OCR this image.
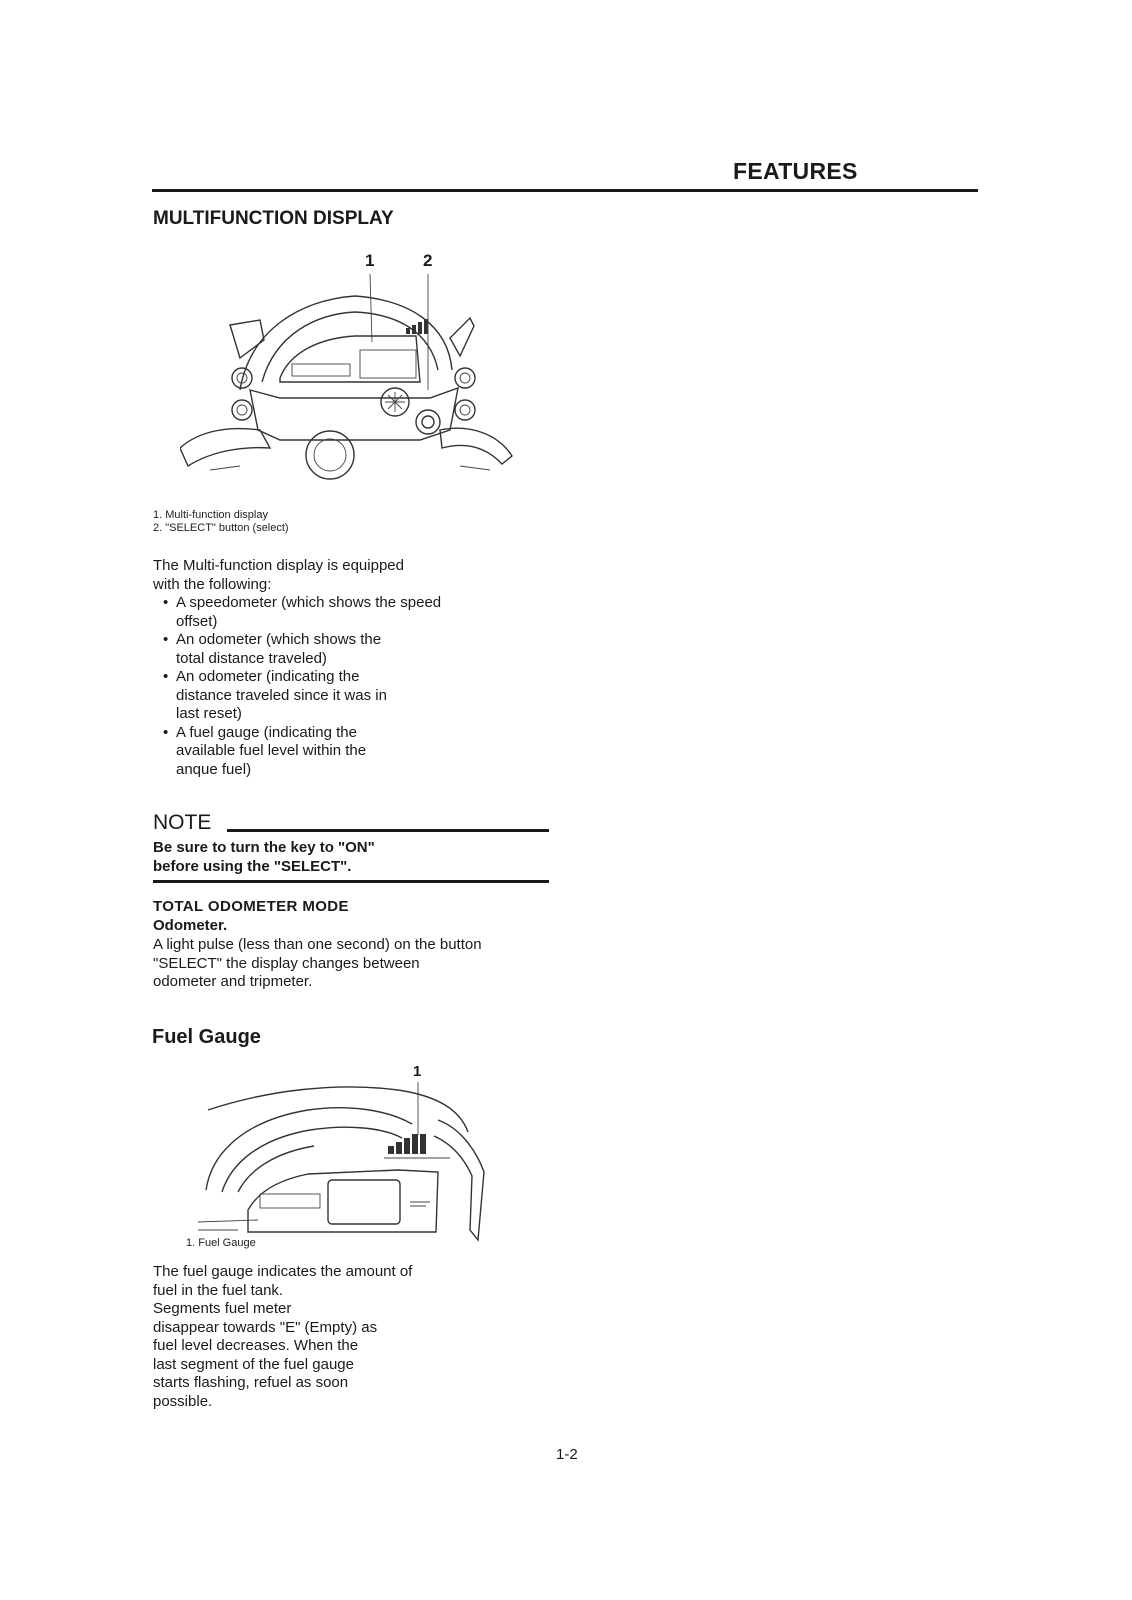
FEATURES
MULTIFUNCTION DISPLAY
1	2
1. Multi-function display
2. "SELECT" button (select)
The Multi-function display is equipped
with the following:
• A speedometer (which shows the speed
offset)
• An odometer (which shows the
total distance traveled)
• An odometer (indicating the
distance traveled since it was in
last reset)
• A fuel gauge (indicating the
available fuel level within the
anque fuel)
NOTE
Be sure to turn the key to "ON"
before using the "SELECT".
TOTAL ODOMETER MODE
Odometer.
A light pulse (less than one second) on the button
"SELECT" the display changes between
odometer and tripmeter.
Fuel Gauge
1
1. Fuel Gauge
The fuel gauge indicates the amount of
fuel in the fuel tank.
Segments fuel meter
disappear towards "E" (Empty) as
fuel level decreases. When the
last segment of the fuel gauge
starts flashing, refuel as soon
possible.
1-2
